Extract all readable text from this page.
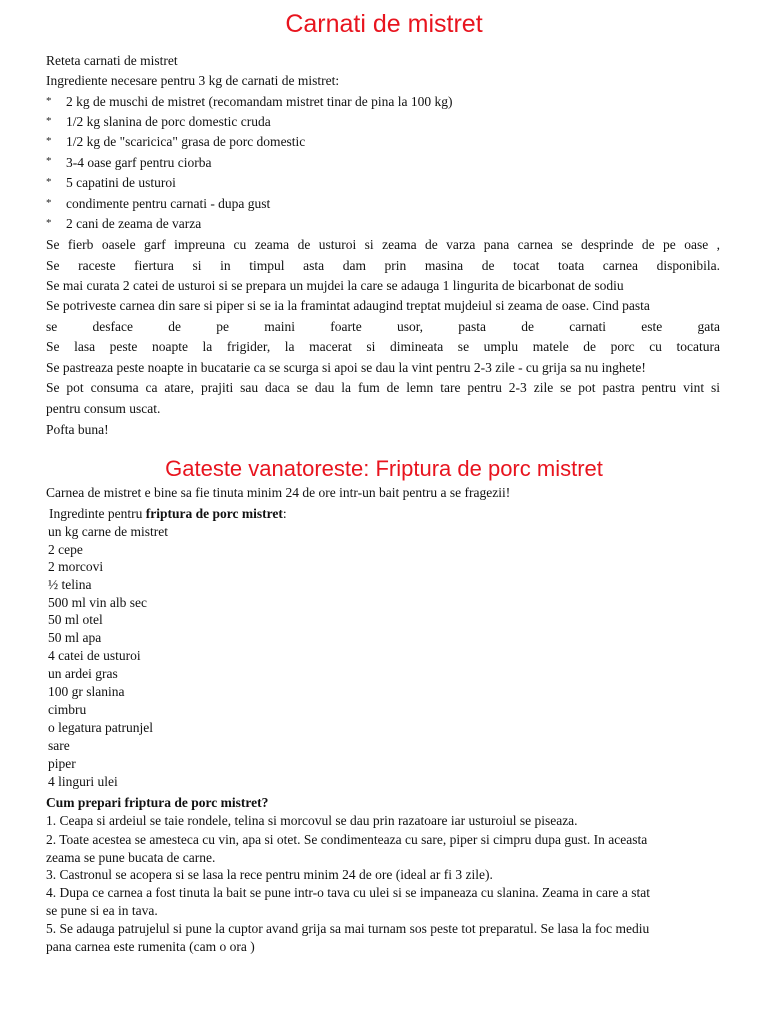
Carnati de mistret
Reteta carnati de mistret
Ingrediente necesare pentru 3 kg de carnati de mistret:
* 2 kg de muschi de mistret (recomandam mistret tinar de pina la 100 kg)
* 1/2 kg slanina de porc domestic cruda
* 1/2 kg de "scaricica" grasa de porc domestic
* 3-4 oase garf pentru ciorba
* 5 capatini de usturoi
* condimente pentru carnati - dupa gust
* 2 cani de zeama de varza
Se fierb oasele garf impreuna cu zeama de usturoi si zeama de varza pana carnea se desprinde de pe oase ,
Se raceste fiertura si in timpul asta dam prin masina de tocat toata carnea disponibila.
Se mai curata 2 catei de usturoi si se prepara un mujdei la care se adauga 1 lingurita de bicarbonat de sodiu
Se potriveste carnea din sare si piper si se ia la framintat adaugind treptat mujdeiul si zeama de oase. Cind pasta
se desface de pe maini foarte usor, pasta de carnati este gata
Se lasa peste noapte la frigider, la macerat si dimineata se umplu matele de porc cu tocatura
Se pastreaza peste noapte in bucatarie ca se scurga si apoi se dau la vint pentru 2-3 zile - cu grija sa nu inghete!
Se pot consuma ca atare, prajiti sau daca se dau la fum de lemn tare pentru 2-3 zile se pot pastra pentru vint si
pentru consum uscat.
Pofta buna!
Gateste vanatoreste: Friptura de porc mistret
Carnea de mistret e bine sa fie tinuta minim 24 de ore intr-un bait pentru a se fragezii!
Ingredinte pentru friptura de porc mistret:
un kg carne de mistret
2 cepe
2 morcovi
½ telina
500 ml vin alb sec
50 ml otel
50 ml apa
4 catei de usturoi
un ardei gras
100 gr slanina
cimbru
o legatura patrunjel
sare
piper
4 linguri ulei
Cum prepari friptura de porc mistret?
1. Ceapa si ardeiul se taie rondele, telina si morcovul se dau prin razatoare iar usturoiul se piseaza.
2. Toate acestea se amesteca cu vin, apa si otet. Se condimenteaza cu sare, piper si cimpru dupa gust. In aceasta
zeama se pune bucata de carne.
3. Castronul se acopera si se lasa la rece pentru minim 24 de ore (ideal ar fi 3 zile).
4. Dupa ce carnea a fost tinuta la bait se pune intr-o tava cu ulei si se impaneaza cu slanina. Zeama in care a stat
se pune si ea in tava.
5. Se adauga patrujelul si pune la cuptor avand grija sa mai turnam sos peste tot preparatul. Se lasa la foc mediu
pana carnea este rumenita (cam o ora )
